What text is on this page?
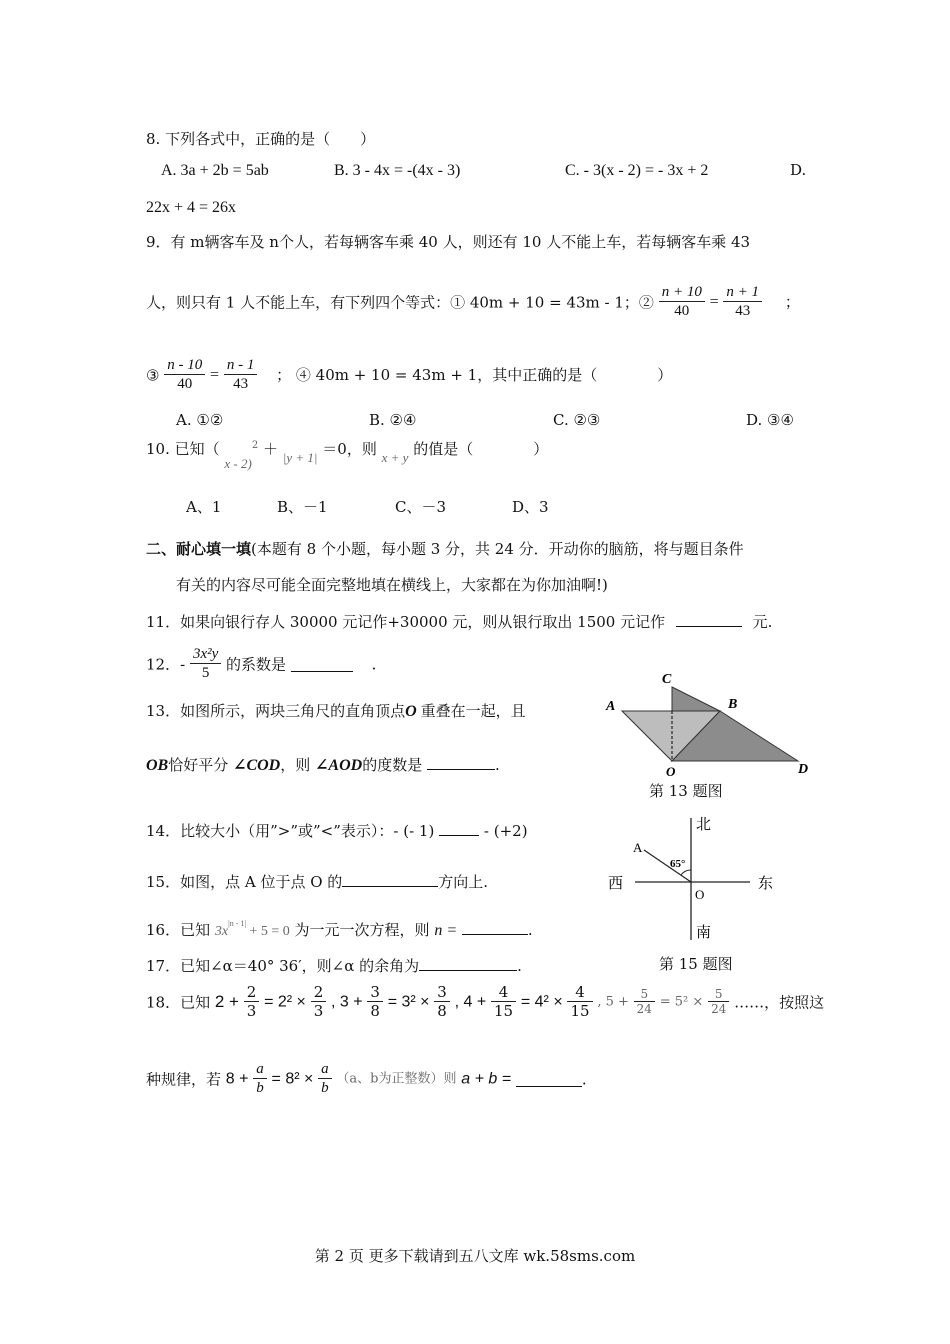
8. 下列各式中，正确的是（　　）
A. 3a + 2b = 5ab	B. 3 - 4x = -(4x - 3)	C. - 3(x - 2) = - 3x + 2	D.
22x + 4 = 26x
9．有 m辆客车及 n个人，若每辆客车乘 40 人，则还有 10 人不能上车，若每辆客车乘 43
人，则只有 1 人不能上车，有下列四个等式：① 40m + 10 = 43m - 1；② $\frac{n + 10}{40} = \frac{n + 1}{43}$ ；
③ $\frac{n - 10}{40} = \frac{n - 1}{43}$ ； ④ 40m + 10 = 43m + 1，其中正确的是（　　　　）
A. ①②	B. ②④	C. ②③	D. ③④
10. 已知（ x - 2)$^2$ ＋ |y + 1| ＝0，则 x + y 的值是（　　　　）
A、1	B、－1	C、－3	D、3
二、耐心填一填(本题有 8 个小题，每小题 3 分，共 24 分．开动你的脑筋，将与题目条件
有关的内容尽可能全面完整地填在横线上，大家都在为你加油啊!)
11．如果向银行存人 30000 元记作+30000 元，则从银行取出 1500 元记作	元.
12．- $\frac{\text{3x²y}}{5}$ 的系数是	．
13．如图所示，两块三角尺的直角顶点O 重叠在一起，且
OB恰好平分 ∠COD，则 ∠AOD的度数是	.
A
C
B
O	D
第 13 题图
14．比较大小（用”>”或”<”表示）：- (- 1)	- (+2)
15．如图，点 A 位于点 O 的	方向上.
北
南
西	东
A
O
65°
16．已知 $3x^{|n - 1|} + 5 = 0$ 为一元一次方程，则 n =	.
17．已知∠α＝40° 36′，则∠α 的余角为	.	第 15 题图
18．已知 $2 + \frac{2}{3} = 2^2 \times \frac{2}{3}$ , $3 + \frac{3}{8} = 3^2 \times \frac{3}{8}$ , $4 + \frac{4}{15} = 4^2 \times \frac{4}{15}$ , $5 + \frac{5}{24} = 5^2 \times \frac{5}{24}$ ……，按照这
种规律，若 $8 + \frac{a}{b} = 8^2 \times \frac{a}{b} (a$、b为正整数）则 a + b =	.
第 2 页 更多下载请到五八文库 wk.58sms.com
